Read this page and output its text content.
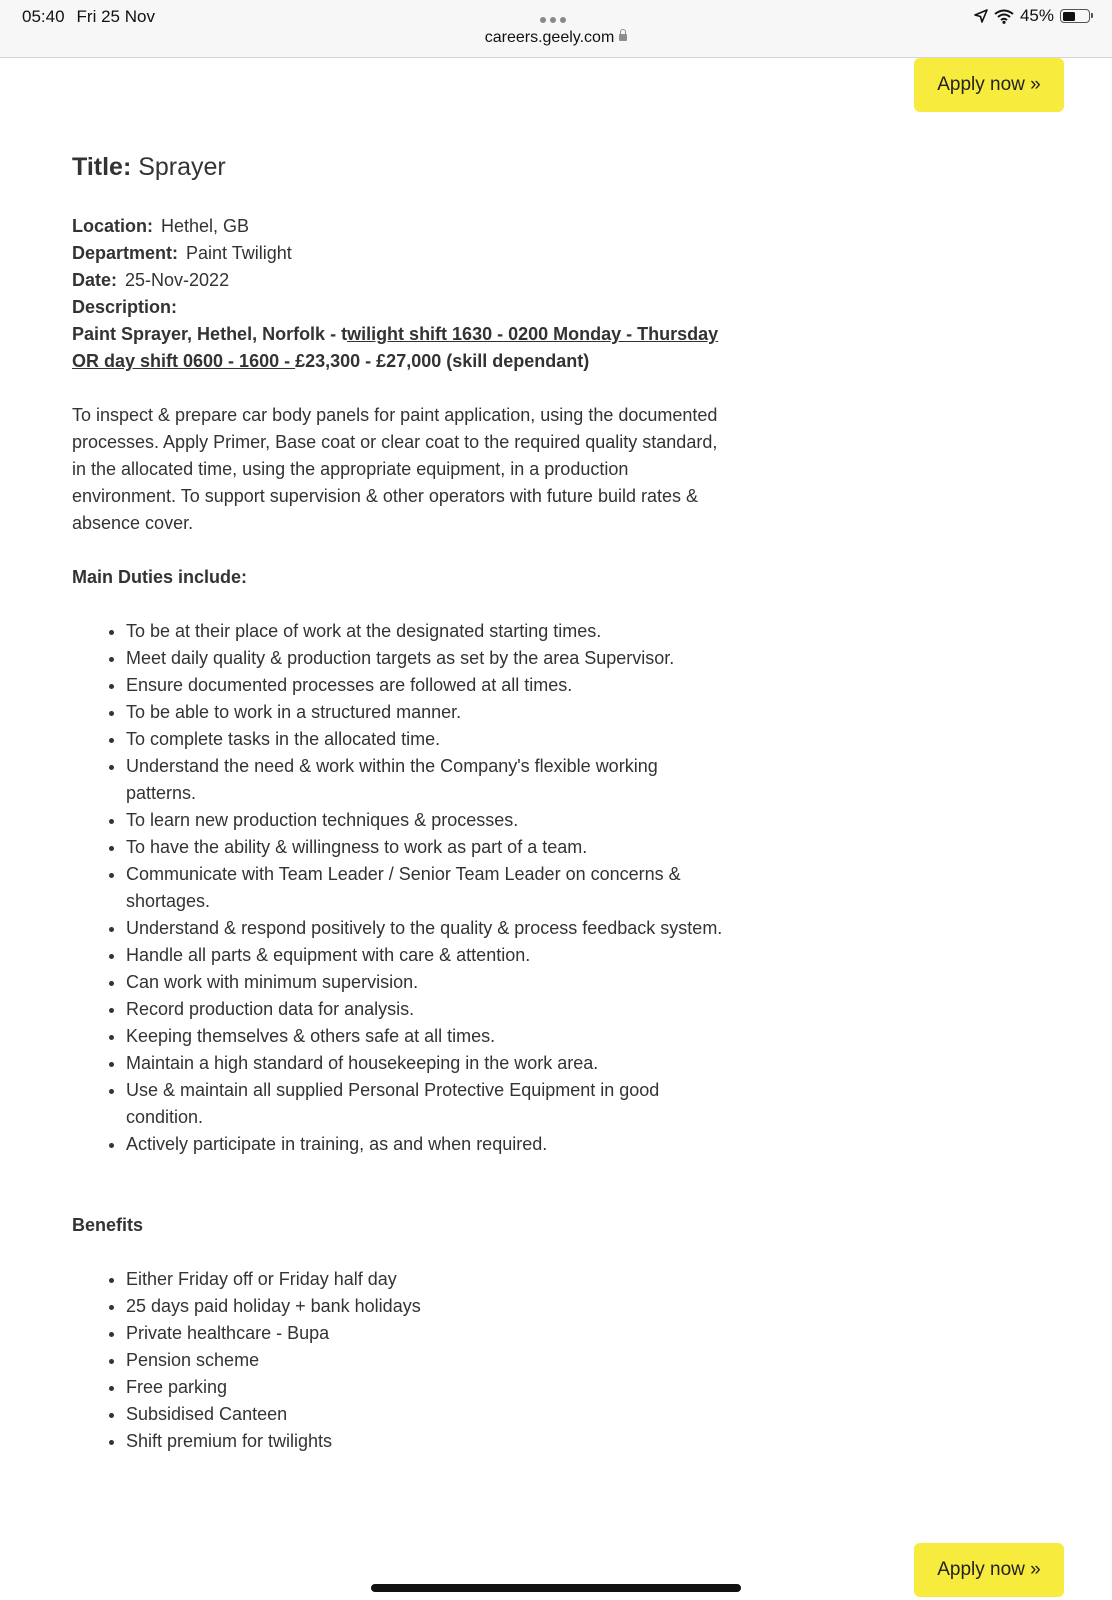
05:40 Fri 25 Nov
careers.geely.com
45%
Apply now »
Title: Sprayer
Location: Hethel, GB
Department: Paint Twilight
Date: 25-Nov-2022
Description:
Paint Sprayer, Hethel, Norfolk - twilight shift 1630 - 0200 Monday - Thursday OR day shift 0600 - 1600 - £23,300 - £27,000 (skill dependant)

To inspect & prepare car body panels for paint application, using the documented processes. Apply Primer, Base coat or clear coat to the required quality standard, in the allocated time, using the appropriate equipment, in a production environment. To support supervision & other operators with future build rates & absence cover.

Main Duties include:
• To be at their place of work at the designated starting times.
• Meet daily quality & production targets as set by the area Supervisor.
• Ensure documented processes are followed at all times.
• To be able to work in a structured manner.
• To complete tasks in the allocated time.
• Understand the need & work within the Company's flexible working patterns.
• To learn new production techniques & processes.
• To have the ability & willingness to work as part of a team.
• Communicate with Team Leader / Senior Team Leader on concerns & shortages.
• Understand & respond positively to the quality & process feedback system.
• Handle all parts & equipment with care & attention.
• Can work with minimum supervision.
• Record production data for analysis.
• Keeping themselves & others safe at all times.
• Maintain a high standard of housekeeping in the work area.
• Use & maintain all supplied Personal Protective Equipment in good condition.
• Actively participate in training, as and when required.
Benefits
• Either Friday off or Friday half day
• 25 days paid holiday + bank holidays
• Private healthcare - Bupa
• Pension scheme
• Free parking
• Subsidised Canteen
• Shift premium for twilights
Apply now »
